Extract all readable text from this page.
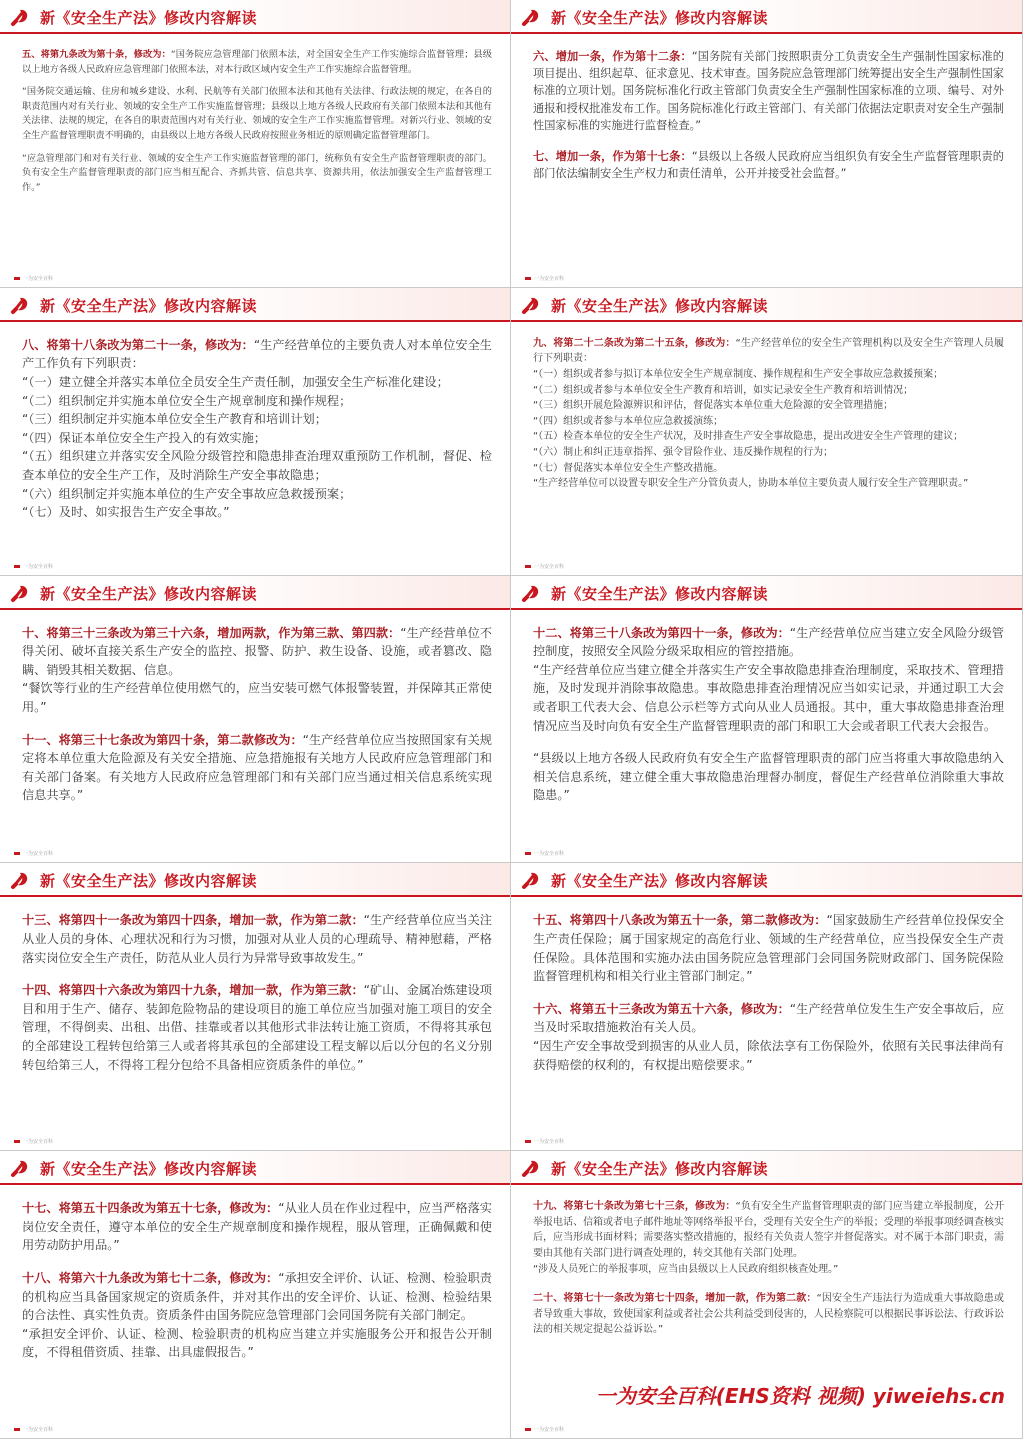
新《安全生产法》修改内容解读
五、将第九条改为第十条，修改为：“国务院应急管理部门依照本法，对全国安全生产工作实施综合监督管理；县级以上地方各级人民政府应急管理部门依照本法，对本行政区域内安全生产工作实施综合监督管理。
“国务院交通运输、住房和城乡建设、水利、民航等有关部门依照本法和其他有关法律、行政法规的规定，在各自的职责范围内对有关行业、领域的安全生产工作实施监督管理；县级以上地方各级人民政府有关部门依照本法和其他有关法律、法规的规定，在各自的职责范围内对有关行业、领域的安全生产工作实施监督管理。对新兴行业、领域的安全生产监督管理职责不明确的，由县级以上地方各级人民政府按照业务相近的原则确定监督管理部门。
“应急管理部门和对有关行业、领域的安全生产工作实施监督管理的部门，统称负有安全生产监督管理职责的部门。负有安全生产监督管理职责的部门应当相互配合、齐抓共管、信息共享、资源共用，依法加强安全生产监督管理工作。”
一为安全百科
新《安全生产法》修改内容解读
六、增加一条，作为第十二条：“国务院有关部门按照职责分工负责安全生产强制性国家标准的项目提出、组织起草、征求意见、技术审查。国务院应急管理部门统筹提出安全生产强制性国家标准的立项计划。国务院标准化行政主管部门负责安全生产强制性国家标准的立项、编号、对外通报和授权批准发布工作。国务院标准化行政主管部门、有关部门依据法定职责对安全生产强制性国家标准的实施进行监督检查。”
七、增加一条，作为第十七条：“县级以上各级人民政府应当组织负有安全生产监督管理职责的部门依法编制安全生产权力和责任清单，公开并接受社会监督。”
一为安全百科
新《安全生产法》修改内容解读
八、将第十八条改为第二十一条，修改为：“生产经营单位的主要负责人对本单位安全生产工作负有下列职责：
“（一）建立健全并落实本单位全员安全生产责任制，加强安全生产标准化建设；
“（二）组织制定并实施本单位安全生产规章制度和操作规程；
“（三）组织制定并实施本单位安全生产教育和培训计划；
“（四）保证本单位安全生产投入的有效实施；
“（五）组织建立并落实安全风险分级管控和隐患排查治理双重预防工作机制，督促、检查本单位的安全生产工作，及时消除生产安全事故隐患；
“（六）组织制定并实施本单位的生产安全事故应急救援预案；
“（七）及时、如实报告生产安全事故。”
一为安全百科
新《安全生产法》修改内容解读
九、将第二十二条改为第二十五条，修改为：“生产经营单位的安全生产管理机构以及安全生产管理人员履行下列职责：
“（一）组织或者参与拟订本单位安全生产规章制度、操作规程和生产安全事故应急救援预案；
“（二）组织或者参与本单位安全生产教育和培训，如实记录安全生产教育和培训情况；
“（三）组织开展危险源辨识和评估，督促落实本单位重大危险源的安全管理措施；
“（四）组织或者参与本单位应急救援演练；
“（五）检查本单位的安全生产状况，及时排查生产安全事故隐患，提出改进安全生产管理的建议；
“（六）制止和纠正违章指挥、强令冒险作业、违反操作规程的行为；
“（七）督促落实本单位安全生产整改措施。
“生产经营单位可以设置专职安全生产分管负责人，协助本单位主要负责人履行安全生产管理职责。”
一为安全百科
新《安全生产法》修改内容解读
十、将第三十三条改为第三十六条，增加两款，作为第三款、第四款：“生产经营单位不得关闭、破坏直接关系生产安全的监控、报警、防护、救生设备、设施，或者篡改、隐瞒、销毁其相关数据、信息。
“餐饮等行业的生产经营单位使用燃气的，应当安装可燃气体报警装置，并保障其正常使用。”
十一、将第三十七条改为第四十条，第二款修改为：“生产经营单位应当按照国家有关规定将本单位重大危险源及有关安全措施、应急措施报有关地方人民政府应急管理部门和有关部门备案。有关地方人民政府应急管理部门和有关部门应当通过相关信息系统实现信息共享。”
一为安全百科
新《安全生产法》修改内容解读
十二、将第三十八条改为第四十一条，修改为：“生产经营单位应当建立安全风险分级管控制度，按照安全风险分级采取相应的管控措施。
“生产经营单位应当建立健全并落实生产安全事故隐患排查治理制度，采取技术、管理措施，及时发现并消除事故隐患。事故隐患排查治理情况应当如实记录，并通过职工大会或者职工代表大会、信息公示栏等方式向从业人员通报。其中，重大事故隐患排查治理情况应当及时向负有安全生产监督管理职责的部门和职工大会或者职工代表大会报告。
“县级以上地方各级人民政府负有安全生产监督管理职责的部门应当将重大事故隐患纳入相关信息系统，建立健全重大事故隐患治理督办制度，督促生产经营单位消除重大事故隐患。”
一为安全百科
新《安全生产法》修改内容解读
十三、将第四十一条改为第四十四条，增加一款，作为第二款：“生产经营单位应当关注从业人员的身体、心理状况和行为习惯，加强对从业人员的心理疏导、精神慰藉，严格落实岗位安全生产责任，防范从业人员行为异常导致事故发生。”
十四、将第四十六条改为第四十九条，增加一款，作为第三款：“矿山、金属冶炼建设项目和用于生产、储存、装卸危险物品的建设项目的施工单位应当加强对施工项目的安全管理，不得倒卖、出租、出借、挂靠或者以其他形式非法转让施工资质，不得将其承包的全部建设工程转包给第三人或者将其承包的全部建设工程支解以后以分包的名义分别转包给第三人，不得将工程分包给不具备相应资质条件的单位。”
一为安全百科
新《安全生产法》修改内容解读
十五、将第四十八条改为第五十一条，第二款修改为：“国家鼓励生产经营单位投保安全生产责任保险；属于国家规定的高危行业、领域的生产经营单位，应当投保安全生产责任保险。具体范围和实施办法由国务院应急管理部门会同国务院财政部门、国务院保险监督管理机构和相关行业主管部门制定。”
十六、将第五十三条改为第五十六条，修改为：“生产经营单位发生生产安全事故后，应当及时采取措施救治有关人员。
“因生产安全事故受到损害的从业人员，除依法享有工伤保险外，依照有关民事法律尚有获得赔偿的权利的，有权提出赔偿要求。”
一为安全百科
新《安全生产法》修改内容解读
十七、将第五十四条改为第五十七条，修改为：“从业人员在作业过程中，应当严格落实岗位安全责任，遵守本单位的安全生产规章制度和操作规程，服从管理，正确佩戴和使用劳动防护用品。”
十八、将第六十九条改为第七十二条，修改为：“承担安全评价、认证、检测、检验职责的机构应当具备国家规定的资质条件，并对其作出的安全评价、认证、检测、检验结果的合法性、真实性负责。资质条件由国务院应急管理部门会同国务院有关部门制定。
“承担安全评价、认证、检测、检验职责的机构应当建立并实施服务公开和报告公开制度，不得租借资质、挂靠、出具虚假报告。”
一为安全百科
新《安全生产法》修改内容解读
十九、将第七十条改为第七十三条，修改为：“负有安全生产监督管理职责的部门应当建立举报制度，公开举报电话、信箱或者电子邮件地址等网络举报平台，受理有关安全生产的举报；受理的举报事项经调查核实后，应当形成书面材料；需要落实整改措施的，报经有关负责人签字并督促落实。对不属于本部门职责，需要由其他有关部门进行调查处理的，转交其他有关部门处理。
“涉及人员死亡的举报事项，应当由县级以上人民政府组织核查处理。”
二十、将第七十一条改为第七十四条，增加一款，作为第二款：“因安全生产违法行为造成重大事故隐患或者导致重大事故，致使国家利益或者社会公共利益受到侵害的，人民检察院可以根据民事诉讼法、行政诉讼法的相关规定提起公益诉讼。”
一为安全百科
一为安全百科(EHS资料 视频) yiweiehs.cn
